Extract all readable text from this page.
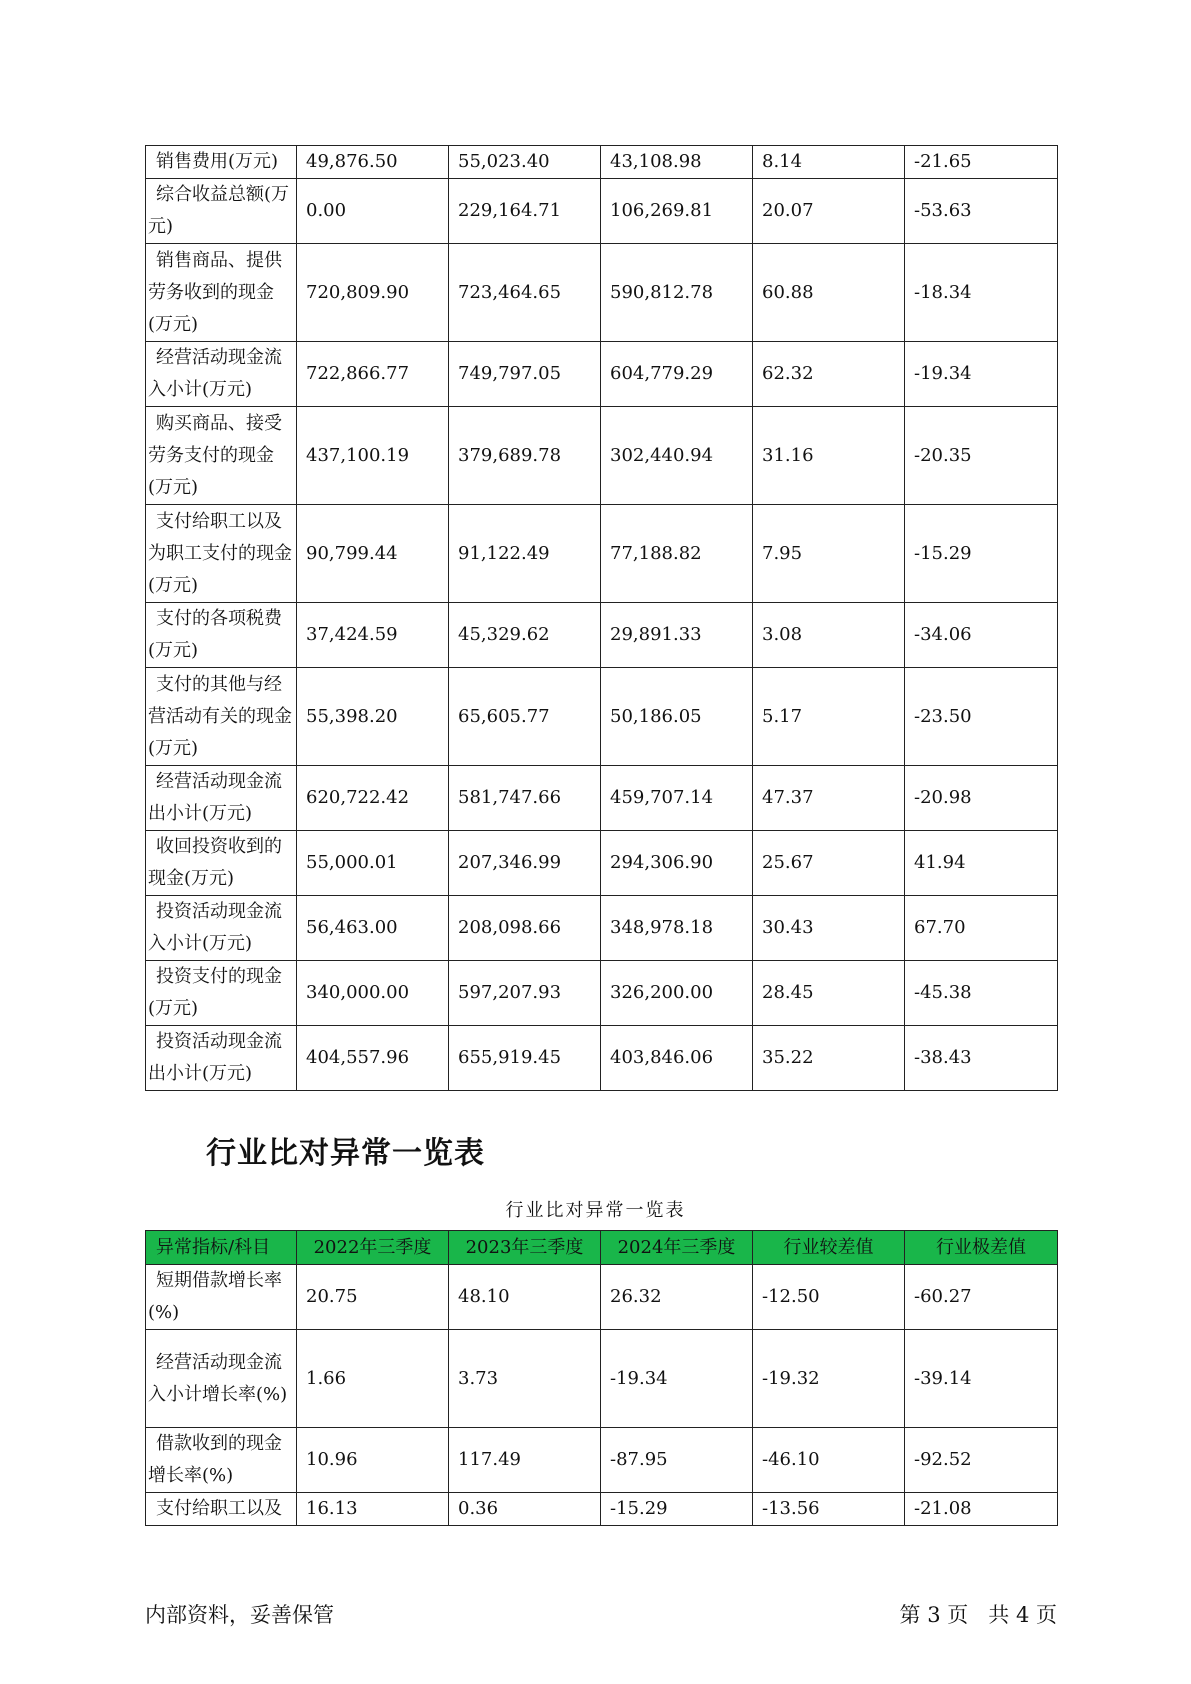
销售费用(万元)	49,876.50	55,023.40	43,108.98	8.14	-21.65

综合收益总额(万元)	0.00	229,164.71	106,269.81	20.07	-53.63

销售商品、提供劳务收到的现金(万元)	720,809.90	723,464.65	590,812.78	60.88	-18.34

经营活动现金流入小计(万元)	722,866.77	749,797.05	604,779.29	62.32	-19.34

购买商品、接受劳务支付的现金(万元)	437,100.19	379,689.78	302,440.94	31.16	-20.35

支付给职工以及为职工支付的现金(万元)	90,799.44	91,122.49	77,188.82	7.95	-15.29

支付的各项税费(万元)	37,424.59	45,329.62	29,891.33	3.08	-34.06

支付的其他与经营活动有关的现金(万元)	55,398.20	65,605.77	50,186.05	5.17	-23.50

经营活动现金流出小计(万元)	620,722.42	581,747.66	459,707.14	47.37	-20.98

收回投资收到的现金(万元)	55,000.01	207,346.99	294,306.90	25.67	41.94

投资活动现金流入小计(万元)	56,463.00	208,098.66	348,978.18	30.43	67.70

投资支付的现金(万元)	340,000.00	597,207.93	326,200.00	28.45	-45.38

投资活动现金流出小计(万元)	404,557.96	655,919.45	403,846.06	35.22	-38.43
行业比对异常一览表
行业比对异常一览表
异常指标/科目	2022年三季度	2023年三季度	2024年三季度	行业较差值	行业极差值

短期借款增长率(%)	20.75	48.10	26.32	-12.50	-60.27

经营活动现金流入小计增长率(%)	1.66	3.73	-19.34	-19.32	-39.14

借款收到的现金增长率(%)	10.96	117.49	-87.95	-46.10	-92.52

支付给职工以及	16.13	0.36	-15.29	-13.56	-21.08
内部资料，妥善保管	第 3 页   共 4 页
